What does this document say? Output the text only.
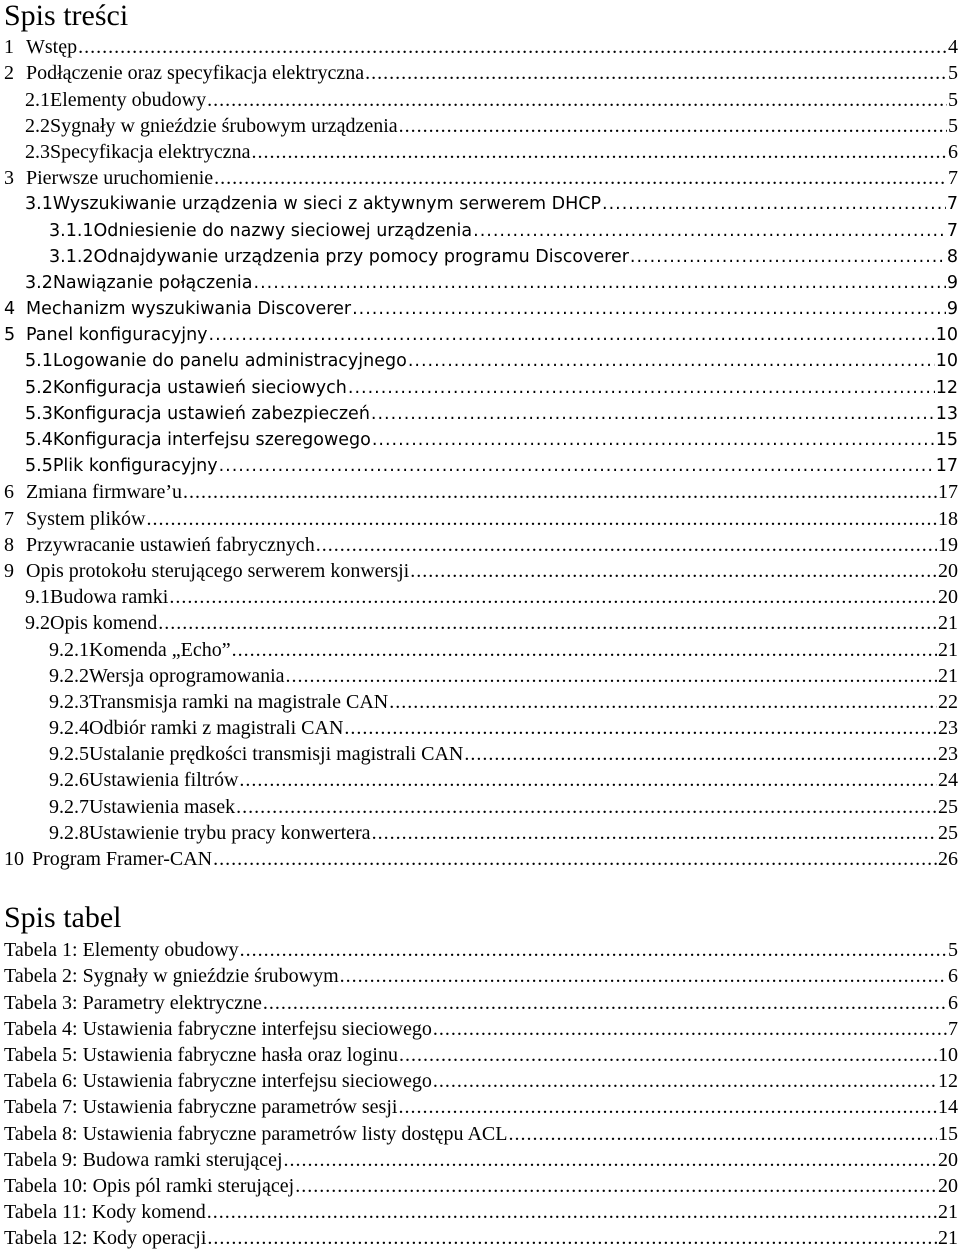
Spis treści
1 Wstęp .....	4
2 Podłączenie oraz specyfikacja elektryczna .....	5
2.1Elementy obudowy .....	5
2.2Sygnały w gnieździe śrubowym urządzenia .....	5
2.3Specyfikacja elektryczna .....	6
3 Pierwsze uruchomienie .....	7
3.1Wyszukiwanie urządzenia w sieci z aktywnym serwerem DHCP .....	7
3.1.1Odniesienie do nazwy sieciowej urządzenia .....	7
3.1.2Odnajdywanie urządzenia przy pomocy programu Discoverer .....	8
3.2Nawiązanie połączenia .....	9
4 Mechanizm wyszukiwania Discoverer .....	9
5 Panel konfiguracyjny .....	10
5.1Logowanie do panelu administracyjnego .....	10
5.2Konfiguracja ustawień sieciowych .....	12
5.3Konfiguracja ustawień zabezpieczeń .....	13
5.4Konfiguracja interfejsu szeregowego .....	15
5.5Plik konfiguracyjny .....	17
6 Zmiana firmware’u .....	17
7 System plików .....	18
8 Przywracanie ustawień fabrycznych .....	19
9 Opis protokołu sterującego serwerem konwersji .....	20
9.1Budowa ramki .....	20
9.2Opis komend .....	21
9.2.1Komenda „Echo” .....	21
9.2.2Wersja oprogramowania .....	21
9.2.3Transmisja ramki na magistrale CAN .....	22
9.2.4Odbiór ramki z magistrali CAN .....	23
9.2.5Ustalanie prędkości transmisji magistrali CAN .....	23
9.2.6Ustawienia filtrów .....	24
9.2.7Ustawienia masek .....	25
9.2.8Ustawienie trybu pracy konwertera .....	25
10 Program Framer-CAN .....	26
Spis tabel
Tabela 1: Elementy obudowy .....	5
Tabela 2: Sygnały w gnieździe śrubowym .....	6
Tabela 3: Parametry elektryczne .....	6
Tabela 4: Ustawienia fabryczne interfejsu sieciowego .....	7
Tabela 5: Ustawienia fabryczne hasła oraz loginu .....	10
Tabela 6: Ustawienia fabryczne interfejsu sieciowego .....	12
Tabela 7: Ustawienia fabryczne parametrów sesji .....	14
Tabela 8: Ustawienia fabryczne parametrów listy dostępu ACL .....	15
Tabela 9: Budowa ramki sterującej .....	20
Tabela 10: Opis pól ramki sterującej .....	20
Tabela 11: Kody komend .....	21
Tabela 12: Kody operacji .....	21
